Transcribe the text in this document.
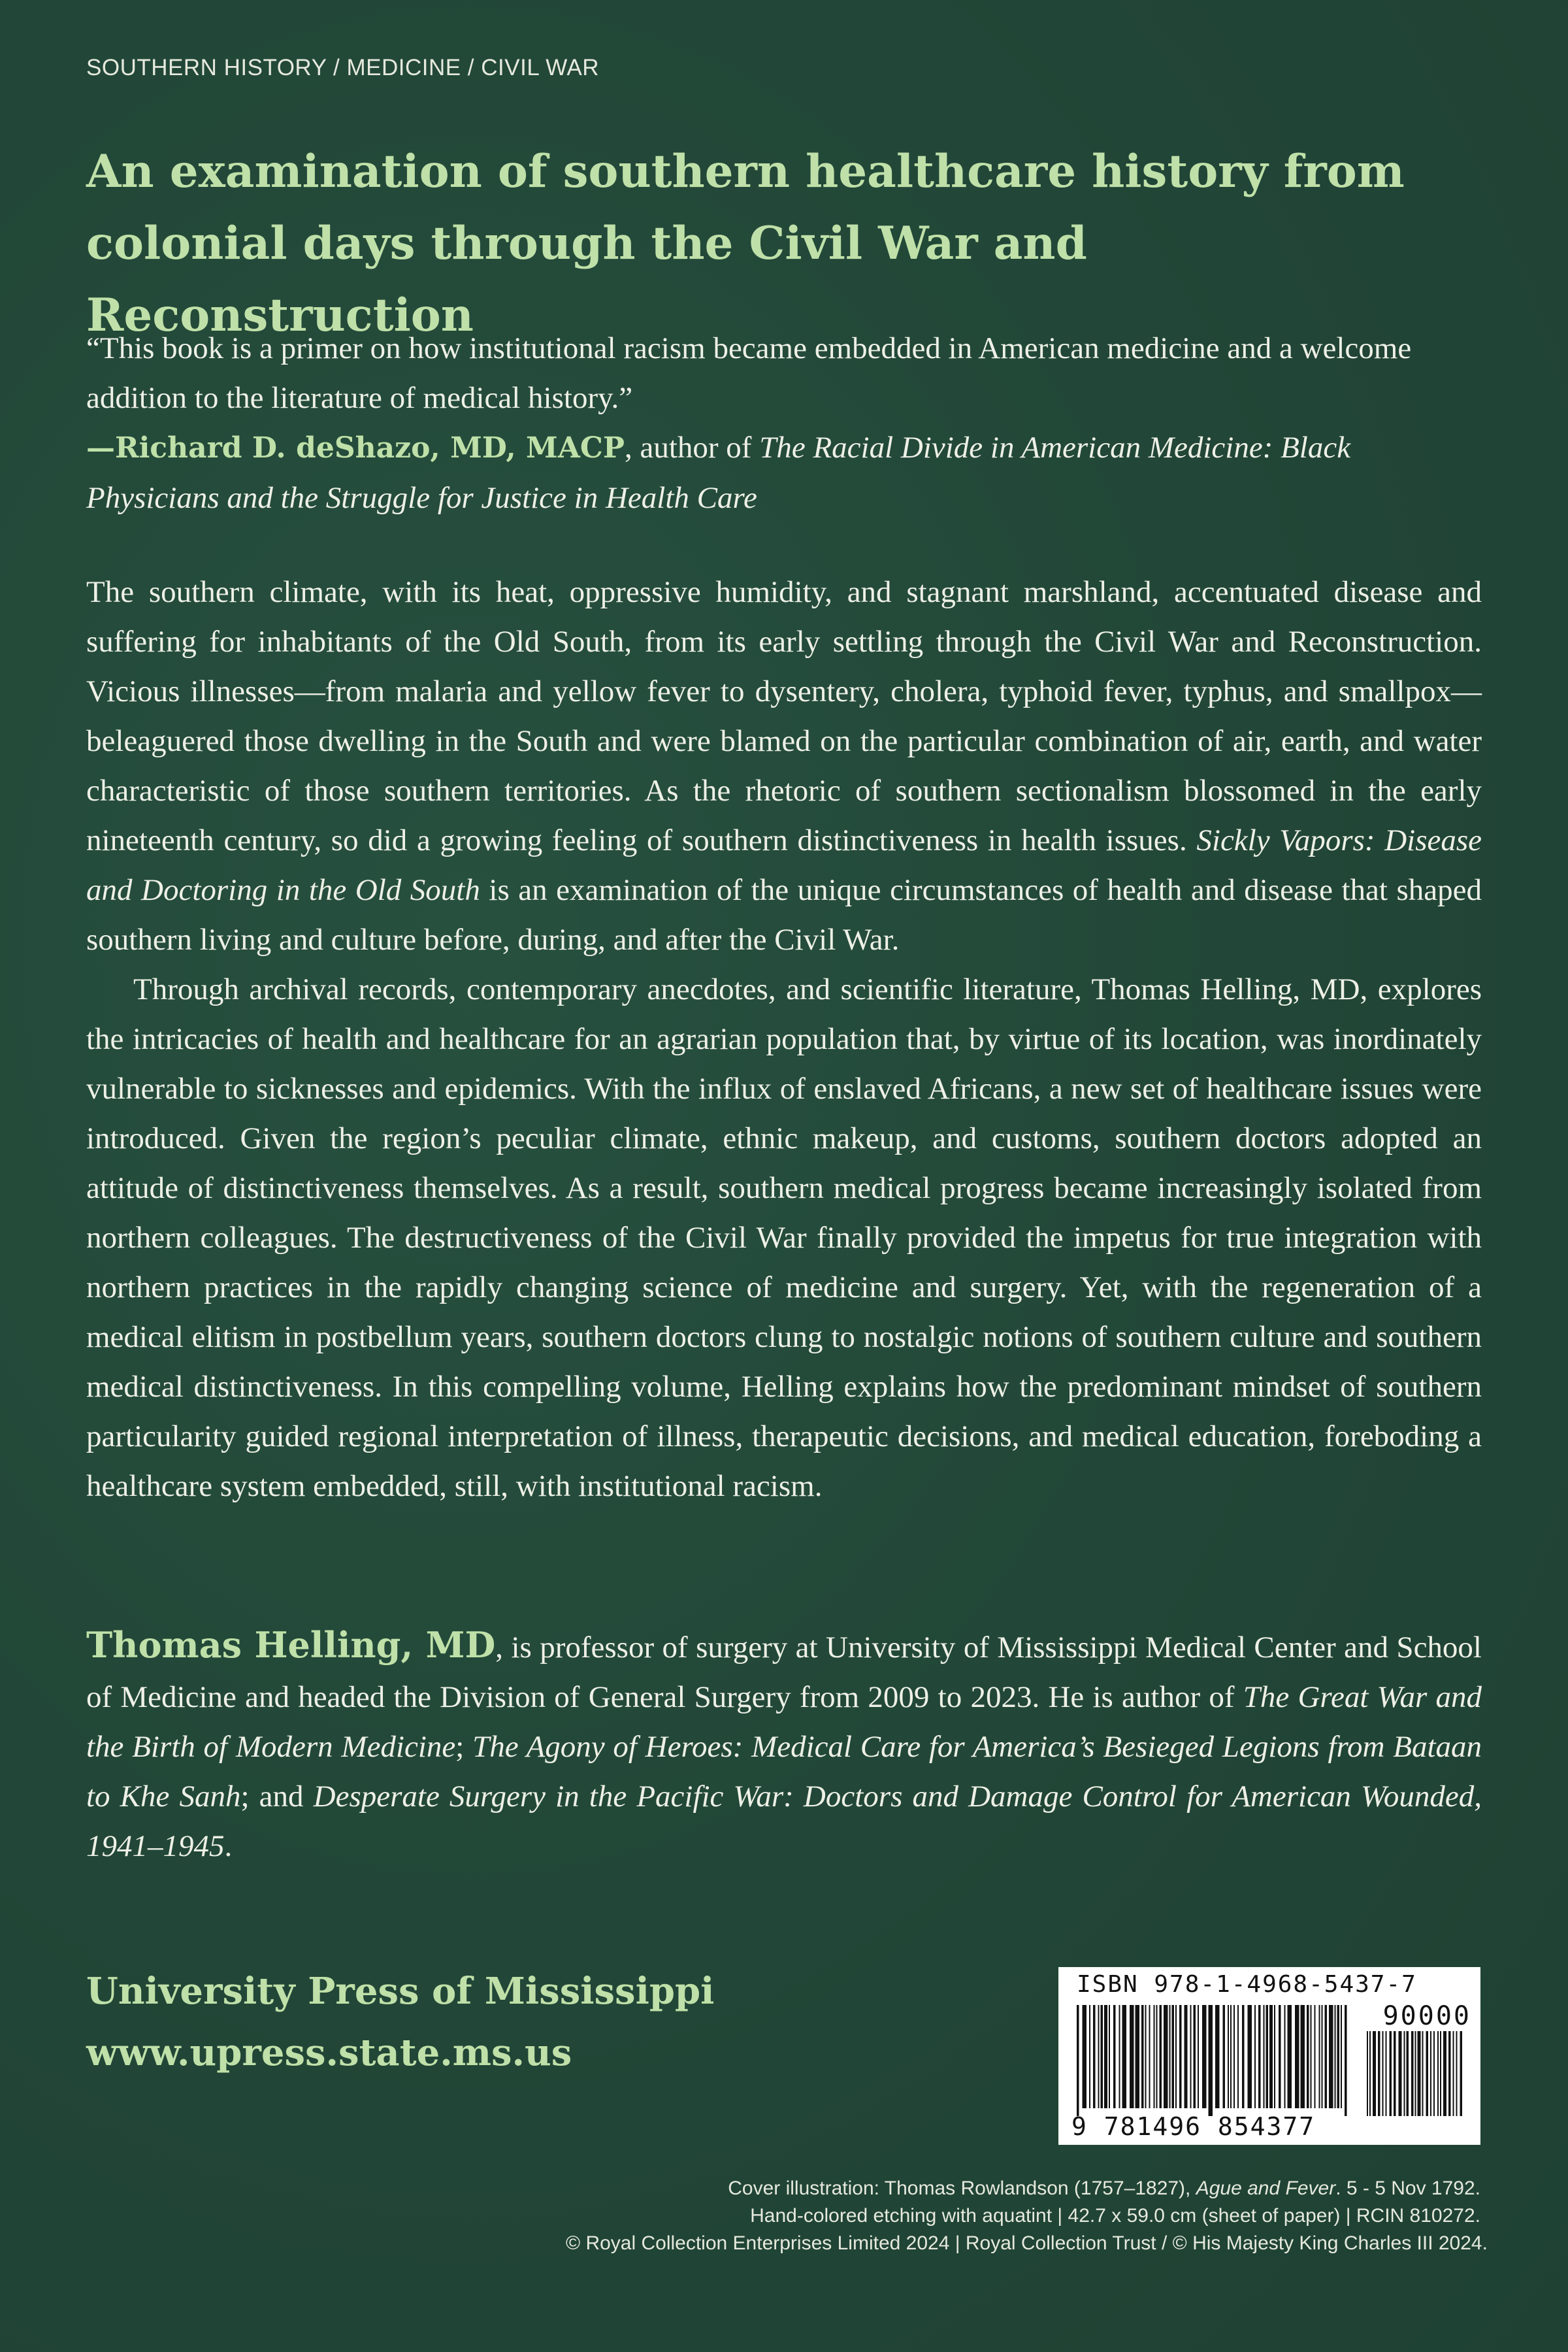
SOUTHERN HISTORY / MEDICINE / CIVIL WAR
An examination of southern healthcare history from
colonial days through the Civil War and Reconstruction

“This book is a primer on how institutional racism became embedded in American medicine and a welcome addition to the literature of medical history.”
—Richard D. deShazo, MD, MACP, author of The Racial Divide in American Medicine: Black Physicians and the Struggle for Justice in Health Care

The southern climate, with its heat, oppressive humidity, and stagnant marshland, accentuated disease and suffering for inhabitants of the Old South, from its early settling through the Civil War and Reconstruction. Vicious illnesses—from malaria and yellow fever to dysentery, cholera, typhoid fever, typhus, and smallpox—beleaguered those dwelling in the South and were blamed on the particular combination of air, earth, and water characteristic of those southern territories. As the rhetoric of southern sectionalism blossomed in the early nineteenth century, so did a growing feeling of southern distinctiveness in health issues. Sickly Vapors: Disease and Doctoring in the Old South is an examination of the unique circumstances of health and disease that shaped southern living and culture before, during, and after the Civil War.

Through archival records, contemporary anecdotes, and scientific literature, Thomas Helling, MD, explores the intricacies of health and healthcare for an agrarian population that, by virtue of its location, was inordinately vulnerable to sicknesses and epidemics. With the influx of enslaved Africans, a new set of healthcare issues were introduced. Given the region’s peculiar climate, ethnic makeup, and customs, southern doctors adopted an attitude of distinctiveness themselves. As a result, southern medical progress became increasingly isolated from northern colleagues. The destructiveness of the Civil War finally provided the impetus for true integration with northern practices in the rapidly changing science of medicine and surgery. Yet, with the regeneration of a medical elitism in postbellum years, southern doctors clung to nostalgic notions of southern culture and southern medical distinctiveness. In this compelling volume, Helling explains how the predominant mindset of southern particularity guided regional interpretation of illness, therapeutic decisions, and medical education, foreboding a healthcare system embedded, still, with institutional racism.

Thomas Helling, MD, is professor of surgery at University of Mississippi Medical Center and School of Medicine and headed the Division of General Surgery from 2009 to 2023. He is author of The Great War and the Birth of Modern Medicine; The Agony of Heroes: Medical Care for America’s Besieged Legions from Bataan to Khe Sanh; and Desperate Surgery in the Pacific War: Doctors and Damage Control for American Wounded, 1941–1945.

University Press of Mississippi
www.upress.state.ms.us
ISBN 978-1-4968-5437-7
90000
9 781496 854377
Cover illustration: Thomas Rowlandson (1757–1827), Ague and Fever. 5 - 5 Nov 1792.
Hand-colored etching with aquatint | 42.7 x 59.0 cm (sheet of paper) | RCIN 810272.
© Royal Collection Enterprises Limited 2024 | Royal Collection Trust / © His Majesty King Charles III 2024.
